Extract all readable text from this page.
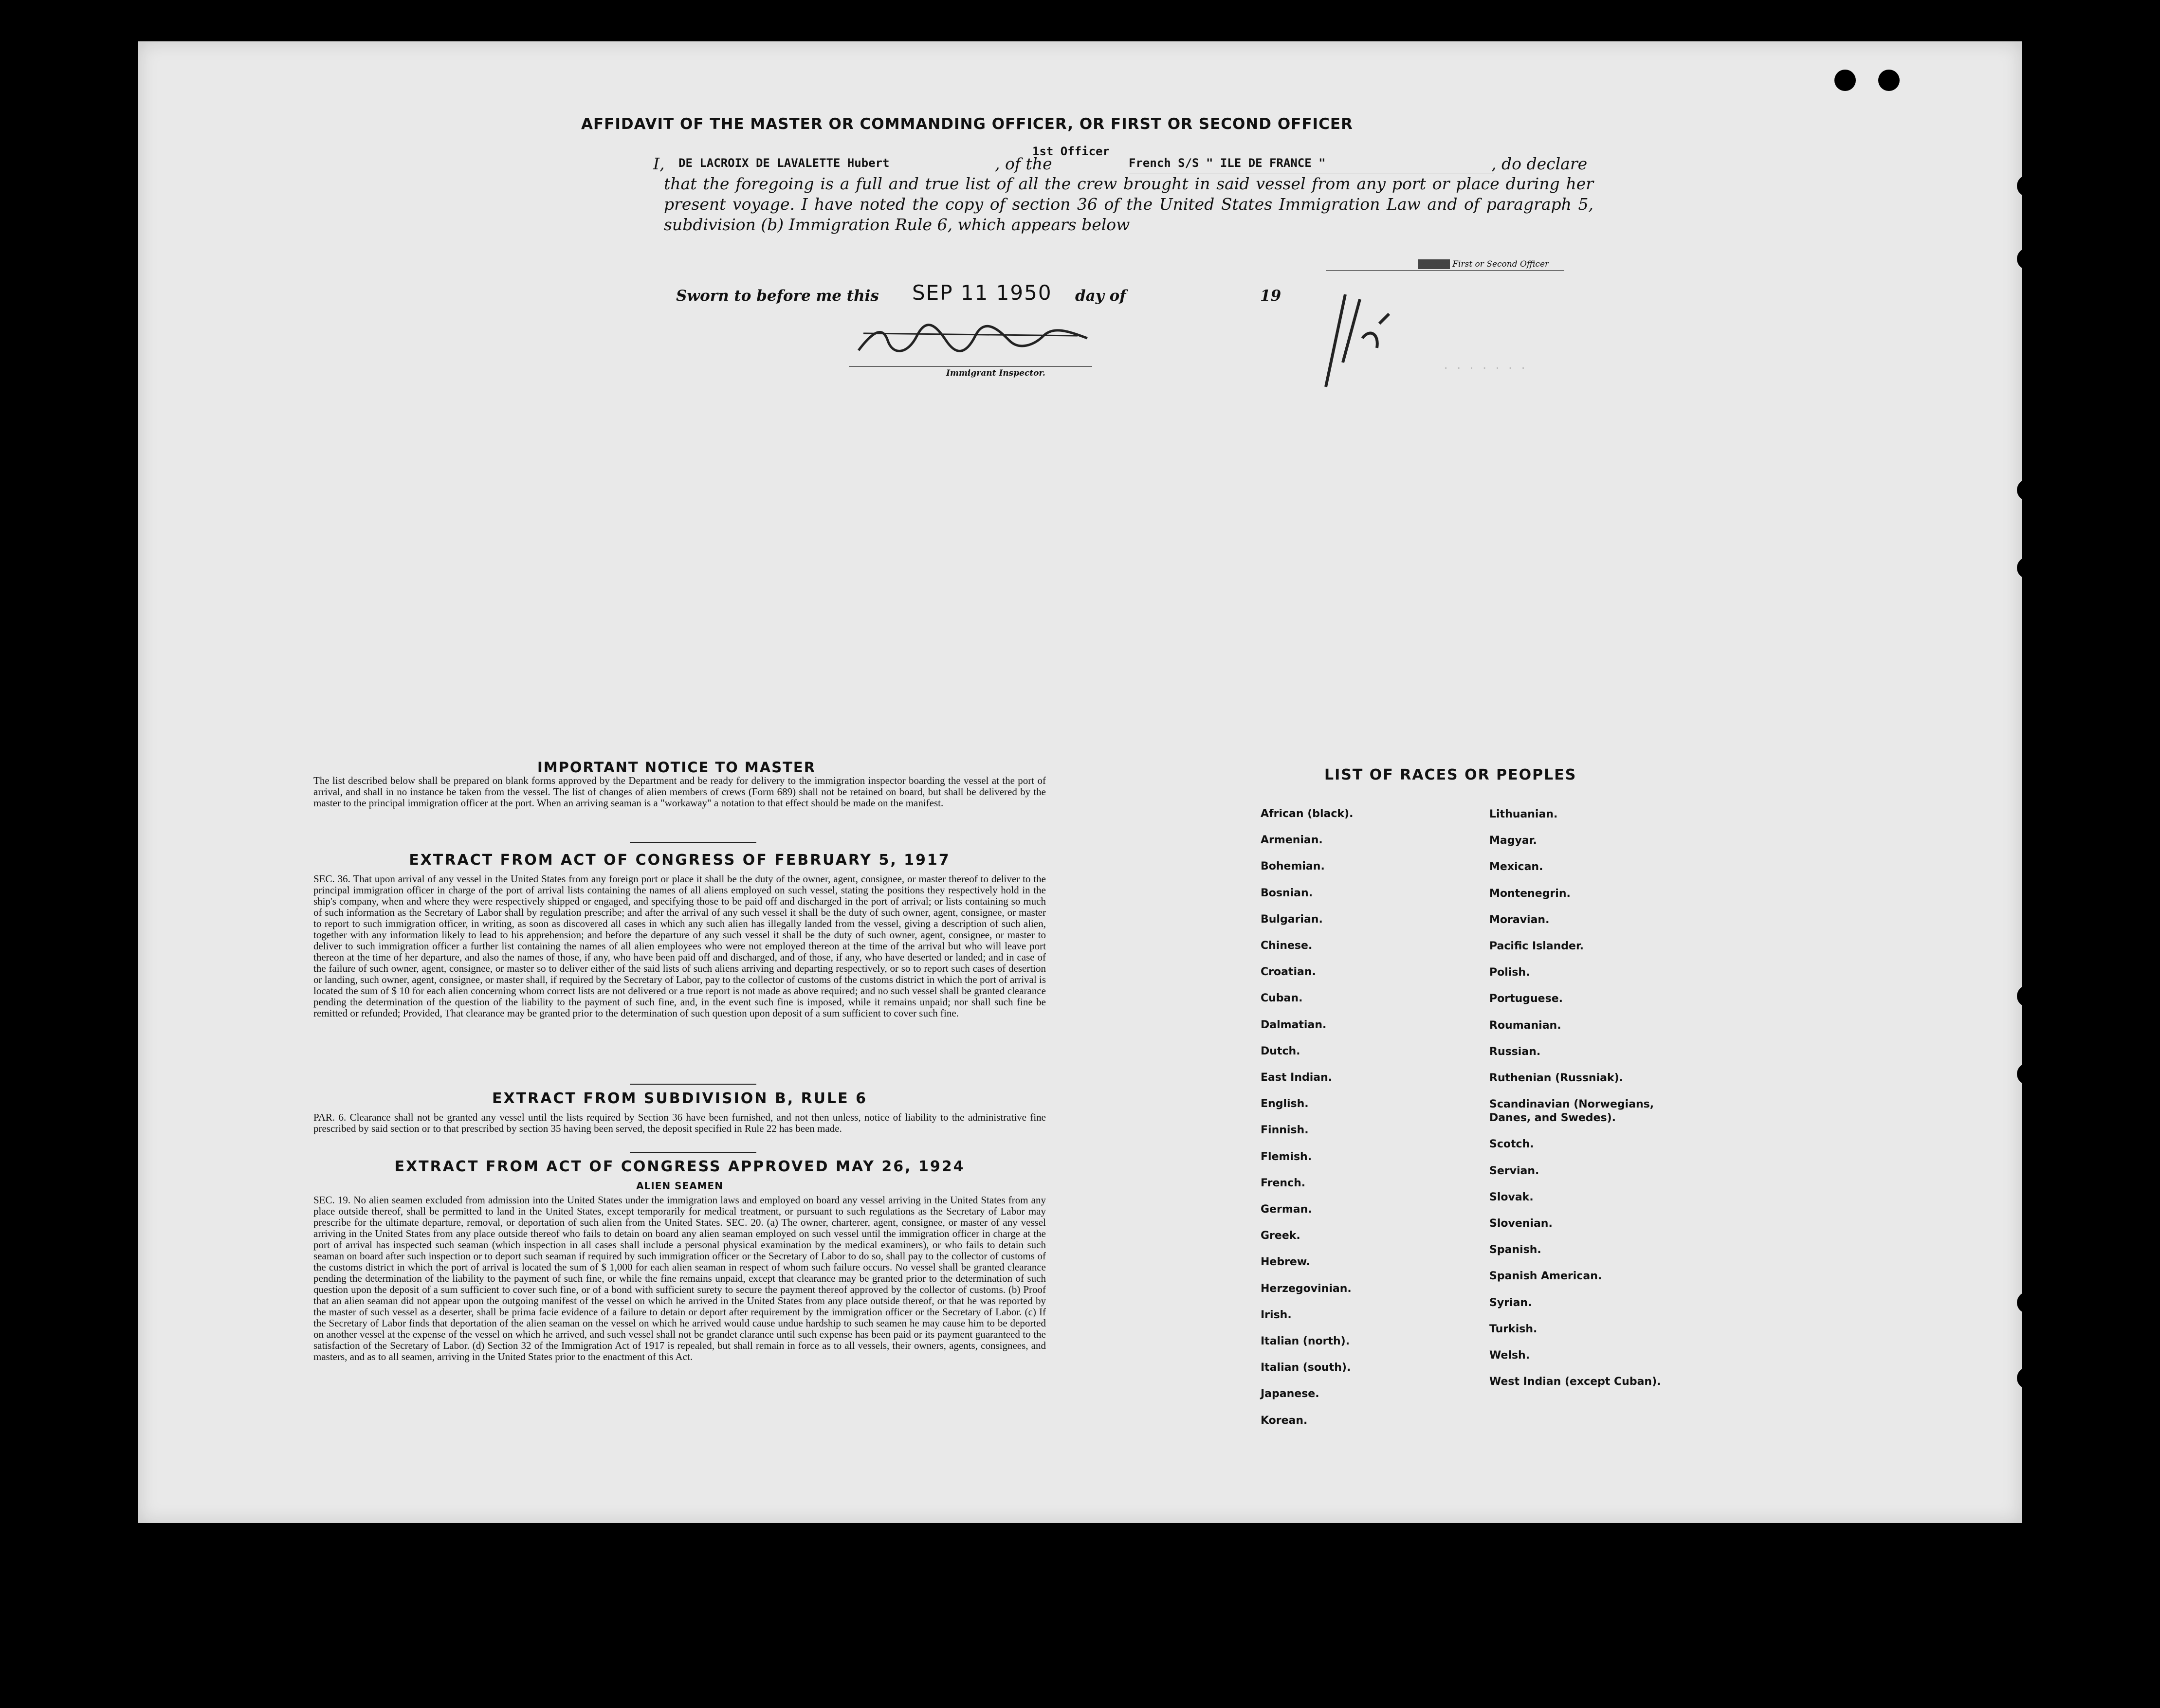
· · · · · · ·
AFFIDAVIT OF THE MASTER OR COMMANDING OFFICER, OR FIRST OR SECOND OFFICER
I, DE LACROIX DE LAVALETTE Hubert
1st Officer
, of the	French S/S " ILE DE FRANCE "	, do declare
that the foregoing is a full and true list of all the crew brought in said vessel from any port or place during her present voyage. I have noted the copy of section 36 of the United States Immigration Law and of paragraph 5, subdivision (b) Immigration Rule 6, which appears below
Master, First or Second Officer
Sworn to before me this SEP 11 1950 day of	19
Immigrant Inspector.
IMPORTANT NOTICE TO MASTER
The list described below shall be prepared on blank forms approved by the Department and be ready for delivery to the immigration inspector boarding the vessel at the port of arrival, and shall in no instance be taken from the vessel. The list of changes of alien members of crews (Form 689) shall not be retained on board, but shall be delivered by the master to the principal immigration officer at the port. When an arriving seaman is a "workaway" a notation to that effect should be made on the manifest.
EXTRACT FROM ACT OF CONGRESS OF FEBRUARY 5, 1917
SEC. 36. That upon arrival of any vessel in the United States from any foreign port or place it shall be the duty of the owner, agent, consignee, or master thereof to deliver to the principal immigration officer in charge of the port of arrival lists containing the names of all aliens employed on such vessel, stating the positions they respectively hold in the ship's company, when and where they were respectively shipped or engaged, and specifying those to be paid off and discharged in the port of arrival; or lists containing so much of such information as the Secretary of Labor shall by regulation prescribe; and after the arrival of any such vessel it shall be the duty of such owner, agent, consignee, or master to report to such immigration officer, in writing, as soon as discovered all cases in which any such alien has illegally landed from the vessel, giving a description of such alien, together with any information likely to lead to his apprehension; and before the departure of any such vessel it shall be the duty of such owner, agent, consignee, or master to deliver to such immigration officer a further list containing the names of all alien employees who were not employed thereon at the time of the arrival but who will leave port thereon at the time of her departure, and also the names of those, if any, who have been paid off and discharged, and of those, if any, who have deserted or landed; and in case of the failure of such owner, agent, consignee, or master so to deliver either of the said lists of such aliens arriving and departing respectively, or so to report such cases of desertion or landing, such owner, agent, consignee, or master shall, if required by the Secretary of Labor, pay to the collector of customs of the customs district in which the port of arrival is located the sum of $ 10 for each alien concerning whom correct lists are not delivered or a true report is not made as above required; and no such vessel shall be granted clearance pending the determination of the question of the liability to the payment of such fine, and, in the event such fine is imposed, while it remains unpaid; nor shall such fine be remitted or refunded; Provided, That clearance may be granted prior to the determination of such question upon deposit of a sum sufficient to cover such fine.
EXTRACT FROM SUBDIVISION B, RULE 6
PAR. 6. Clearance shall not be granted any vessel until the lists required by Section 36 have been furnished, and not then unless, notice of liability to the administrative fine prescribed by said section or to that prescribed by section 35 having been served, the deposit specified in Rule 22 has been made.
EXTRACT FROM ACT OF CONGRESS APPROVED MAY 26, 1924
ALIEN SEAMEN
SEC. 19. No alien seamen excluded from admission into the United States under the immigration laws and employed on board any vessel arriving in the United States from any place outside thereof, shall be permitted to land in the United States, except temporarily for medical treatment, or pursuant to such regulations as the Secretary of Labor may prescribe for the ultimate departure, removal, or deportation of such alien from the United States. SEC. 20. (a) The owner, charterer, agent, consignee, or master of any vessel arriving in the United States from any place outside thereof who fails to detain on board any alien seaman employed on such vessel until the immigration officer in charge at the port of arrival has inspected such seaman (which inspection in all cases shall include a personal physical examination by the medical examiners), or who fails to detain such seaman on board after such inspection or to deport such seaman if required by such immigration officer or the Secretary of Labor to do so, shall pay to the collector of customs of the customs district in which the port of arrival is located the sum of $ 1,000 for each alien seaman in respect of whom such failure occurs. No vessel shall be granted clearance pending the determination of the liability to the payment of such fine, or while the fine remains unpaid, except that clearance may be granted prior to the determination of such question upon the deposit of a sum sufficient to cover such fine, or of a bond with sufficient surety to secure the payment thereof approved by the collector of customs. (b) Proof that an alien seaman did not appear upon the outgoing manifest of the vessel on which he arrived in the United States from any place outside thereof, or that he was reported by the master of such vessel as a deserter, shall be prima facie evidence of a failure to detain or deport after requirement by the immigration officer or the Secretary of Labor. (c) If the Secretary of Labor finds that deportation of the alien seaman on the vessel on which he arrived would cause undue hardship to such seamen he may cause him to be deported on another vessel at the expense of the vessel on which he arrived, and such vessel shall not be grandet clarance until such expense has been paid or its payment guaranteed to the satisfaction of the Secretary of Labor. (d) Section 32 of the Immigration Act of 1917 is repealed, but shall remain in force as to all vessels, their owners, agents, consignees, and masters, and as to all seamen, arriving in the United States prior to the enactment of this Act.
LIST OF RACES OR PEOPLES
African (black).
Armenian.
Bohemian.
Bosnian.
Bulgarian.
Chinese.
Croatian.
Cuban.
Dalmatian.
Dutch.
East Indian.
English.
Finnish.
Flemish.
French.
German.
Greek.
Hebrew.
Herzegovinian.
Irish.
Italian (north).
Italian (south).
Japanese.
Korean.
Lithuanian.
Magyar.
Mexican.
Montenegrin.
Moravian.
Pacific Islander.
Polish.
Portuguese.
Roumanian.
Russian.
Ruthenian (Russniak).
Scandinavian (Norwegians, Danes, and Swedes).
Scotch.
Servian.
Slovak.
Slovenian.
Spanish.
Spanish American.
Syrian.
Turkish.
Welsh.
West Indian (except Cuban).
